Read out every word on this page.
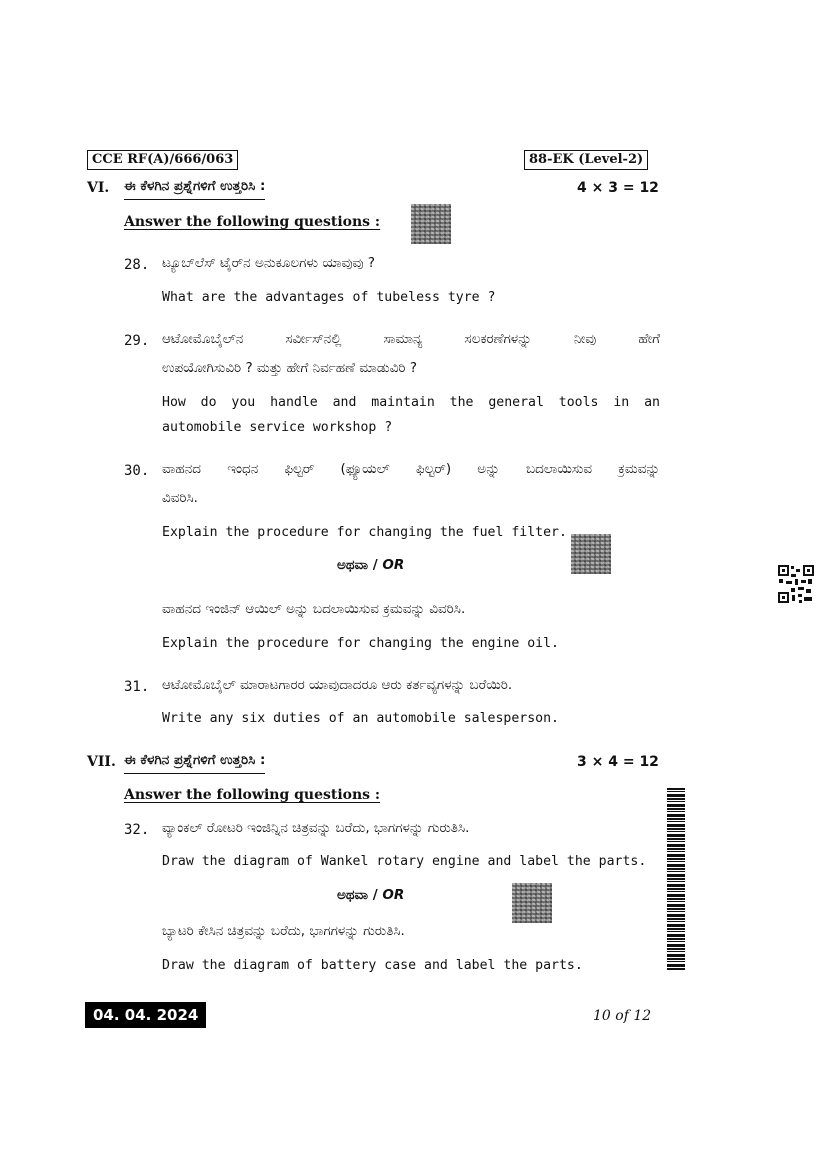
CCE RF(A)/666/063	88-EK (Level-2)
VI. ಈ ಕೆಳಗಿನ ಪ್ರಶ್ನೆಗಳಿಗೆ ಉತ್ತರಿಸಿ :	4 × 3 = 12
Answer the following questions :
28. ಟ್ಯೂಬ್‌ಲೆಸ್ ಟೈರ್‌ನ ಅನುಕೂಲಗಳು ಯಾವುವು ?
What are the advantages of tubeless tyre ?
29. ಆಟೋಮೊಬೈಲ್‌ನ ಸರ್ವೀಸ್‌ನಲ್ಲಿ ಸಾಮಾನ್ಯ ಸಲಕರಣೆಗಳನ್ನು ನೀವು ಹೇಗೆ
ಉಪಯೋಗಿಸುವಿರಿ ? ಮತ್ತು ಹೇಗೆ ನಿರ್ವಹಣೆ ಮಾಡುವಿರಿ ?
How do you handle and maintain the general tools in an
automobile service workshop ?
30. ವಾಹನದ ಇಂಧನ ಫಿಲ್ಟರ್ (ಫ್ಯೂಯಲ್ ಫಿಲ್ಟರ್) ಅನ್ನು ಬದಲಾಯಿಸುವ ಕ್ರಮವನ್ನು
ವಿವರಿಸಿ.
Explain the procedure for changing the fuel filter.
ಅಥವಾ / OR
ವಾಹನದ ಇಂಜಿನ್ ಆಯಿಲ್ ಅನ್ನು ಬದಲಾಯಿಸುವ ಕ್ರಮವನ್ನು ವಿವರಿಸಿ.
Explain the procedure for changing the engine oil.
31. ಆಟೋಮೊಬೈಲ್ ಮಾರಾಟಗಾರರ ಯಾವುದಾದರೂ ಆರು ಕರ್ತವ್ಯಗಳನ್ನು ಬರೆಯಿರಿ.
Write any six duties of an automobile salesperson.
VII. ಈ ಕೆಳಗಿನ ಪ್ರಶ್ನೆಗಳಿಗೆ ಉತ್ತರಿಸಿ :	3 × 4 = 12
Answer the following questions :
32. ವ್ಯಾಂಕಲ್ ರೋಟರಿ ಇಂಜಿನ್ನಿನ ಚಿತ್ರವನ್ನು ಬರೆದು, ಭಾಗಗಳನ್ನು ಗುರುತಿಸಿ.
Draw the diagram of Wankel rotary engine and label the parts.
ಅಥವಾ / OR
ಬ್ಯಾಟರಿ ಕೇಸಿನ ಚಿತ್ರವನ್ನು ಬರೆದು, ಭಾಗಗಳನ್ನು ಗುರುತಿಸಿ.
Draw the diagram of battery case and label the parts.
04. 04. 2024	10 of 12
